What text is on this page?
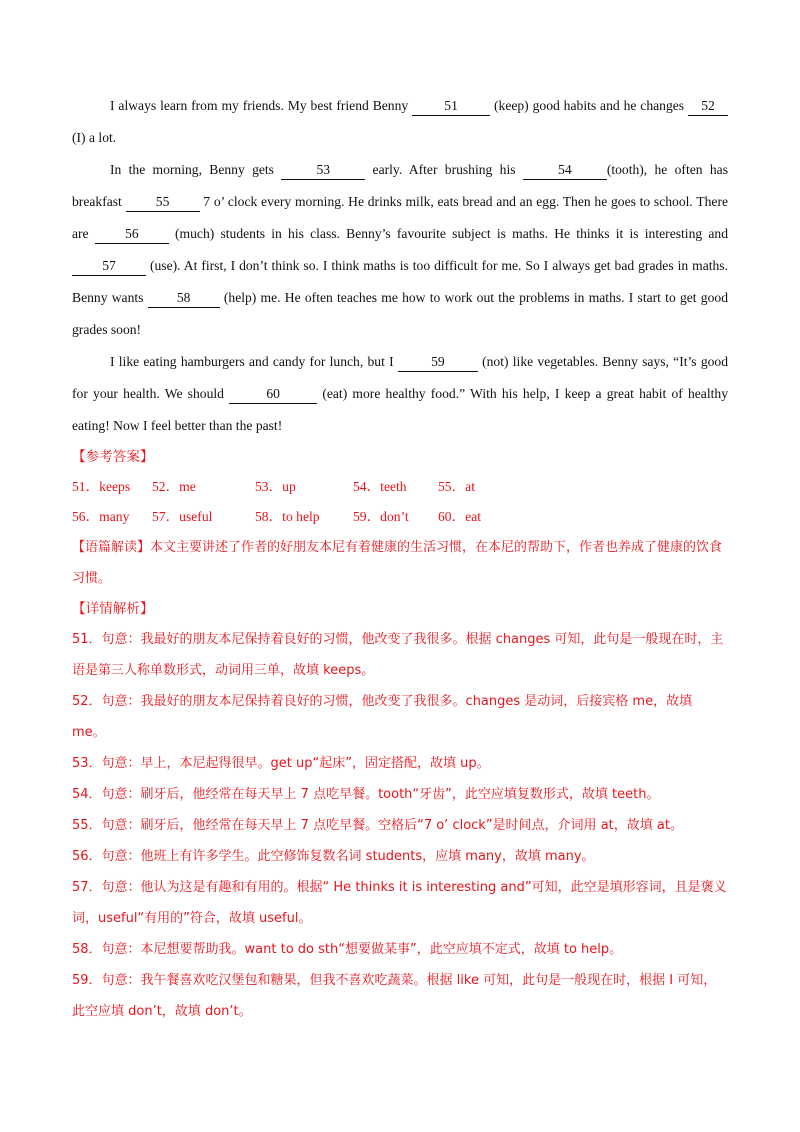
I always learn from my friends. My best friend Benny 51 (keep) good habits and he changes 52 (I) a lot.

In the morning, Benny gets	53	early. After brushing his	54	(tooth), he often has breakfast 55 7 o’ clock every morning. He drinks milk, eats bread and an egg. Then he goes to school. There are 56 (much) students in his class. Benny’s favourite subject is maths. He thinks it is interesting and 57 (use). At first, I don’t think so. I think maths is too difficult for me. So I always get bad grades in maths. Benny wants 58 (help) me. He often teaches me how to work out the problems in maths. I start to get good grades soon!

I like eating hamburgers and candy for lunch, but I 59 (not) like vegetables. Benny says, “It’s good for your health. We should	60	(eat) more healthy food.” With his help, I keep a great habit of healthy eating! Now I feel better than the past!

【参考答案】

51．keeps 52．me	53．up	54．teeth 55．at

56．many 57．useful	58．to help 59．don’t 60．eat

【语篇解读】本文主要讲述了作者的好朋友本尼有着健康的生活习惯，在本尼的帮助下，作者也养成了健康的饮食习惯。

【详情解析】

51．句意：我最好的朋友本尼保持着良好的习惯，他改变了我很多。根据 changes 可知，此句是一般现在时，主语是第三人称单数形式，动词用三单，故填 keeps。

52．句意：我最好的朋友本尼保持着良好的习惯，他改变了我很多。changes 是动词，后接宾格 me，故填 me。

53．句意：早上，本尼起得很早。get up“起床”，固定搭配，故填 up。

54．句意：刷牙后，他经常在每天早上 7 点吃早餐。tooth“牙齿”，此空应填复数形式，故填 teeth。

55．句意：刷牙后，他经常在每天早上 7 点吃早餐。空格后“7 o’ clock”是时间点，介词用 at，故填 at。

56．句意：他班上有许多学生。此空修饰复数名词 students，应填 many，故填 many。

57．句意：他认为这是有趣和有用的。根据“ He thinks it is interesting and”可知，此空是填形容词，且是褒义词，useful“有用的”符合，故填 useful。

58．句意：本尼想要帮助我。want to do sth“想要做某事”，此空应填不定式，故填 to help。

59．句意：我午餐喜欢吃汉堡包和糖果，但我不喜欢吃蔬菜。根据 like 可知，此句是一般现在时，根据 I 可知，此空应填 don’t，故填 don’t。
